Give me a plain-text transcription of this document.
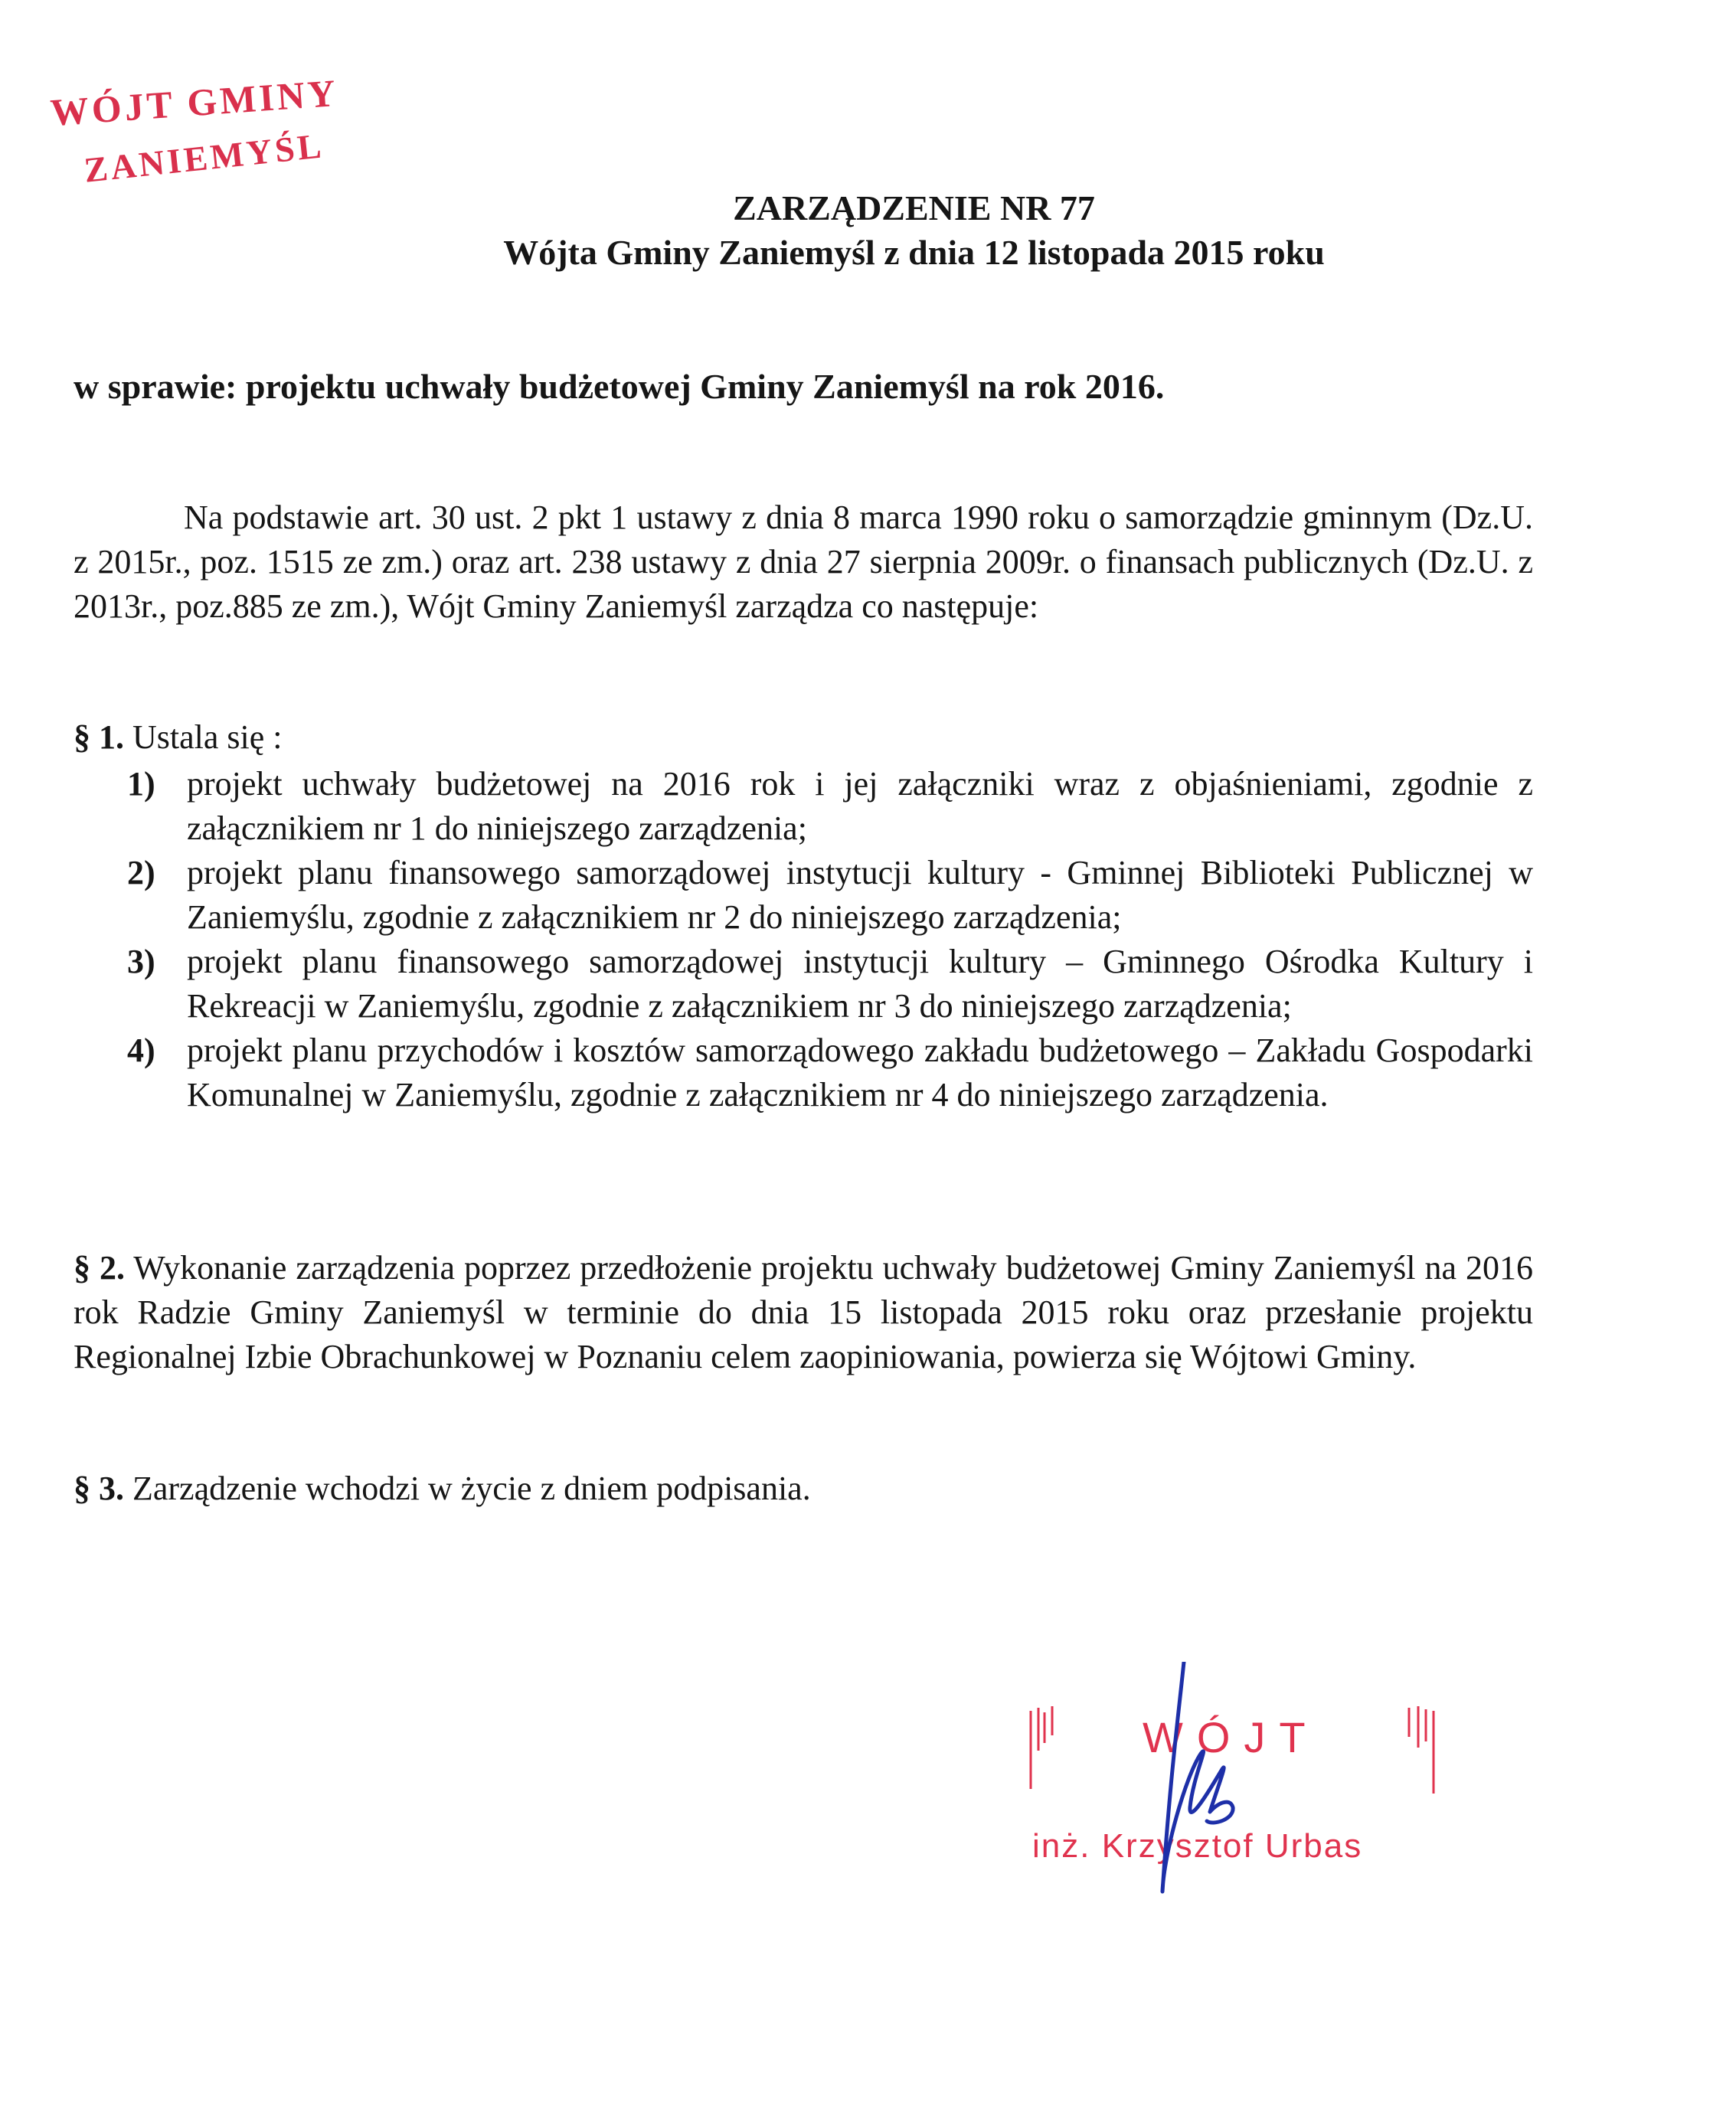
WÓJT GMINY
ZANIEMYŚL
ZARZĄDZENIE NR 77
Wójta Gminy Zaniemyśl z dnia 12 listopada 2015 roku
w sprawie: projektu uchwały budżetowej Gminy Zaniemyśl na rok 2016.

Na podstawie art. 30 ust. 2 pkt 1 ustawy z dnia 8 marca 1990 roku o samorządzie gminnym (Dz.U. z 2015r., poz. 1515 ze zm.) oraz art. 238 ustawy z dnia 27 sierpnia 2009r. o finansach publicznych (Dz.U. z 2013r., poz.885 ze zm.), Wójt Gminy Zaniemyśl zarządza co następuje:

§ 1. Ustala się :

1) projekt uchwały budżetowej na 2016 rok i jej załączniki wraz z objaśnieniami, zgodnie z załącznikiem nr 1 do niniejszego zarządzenia;

2) projekt planu finansowego samorządowej instytucji kultury - Gminnej Biblioteki Publicznej w Zaniemyślu, zgodnie z załącznikiem nr 2 do niniejszego zarządzenia;

3) projekt planu finansowego samorządowej instytucji kultury – Gminnego Ośrodka Kultury i Rekreacji w Zaniemyślu, zgodnie z załącznikiem nr 3 do niniejszego zarządzenia;

4) projekt planu przychodów i kosztów samorządowego zakładu budżetowego – Zakładu Gospodarki Komunalnej w Zaniemyślu, zgodnie z załącznikiem nr 4 do niniejszego zarządzenia.

§ 2. Wykonanie zarządzenia poprzez przedłożenie projektu uchwały budżetowej Gminy Zaniemyśl na 2016 rok Radzie Gminy Zaniemyśl w terminie do dnia 15 listopada 2015 roku oraz przesłanie projektu Regionalnej Izbie Obrachunkowej w Poznaniu celem zaopiniowania, powierza się Wójtowi Gminy.

§ 3. Zarządzenie wchodzi w życie z dniem podpisania.
WÓJT
inż. Krzysztof Urbas
